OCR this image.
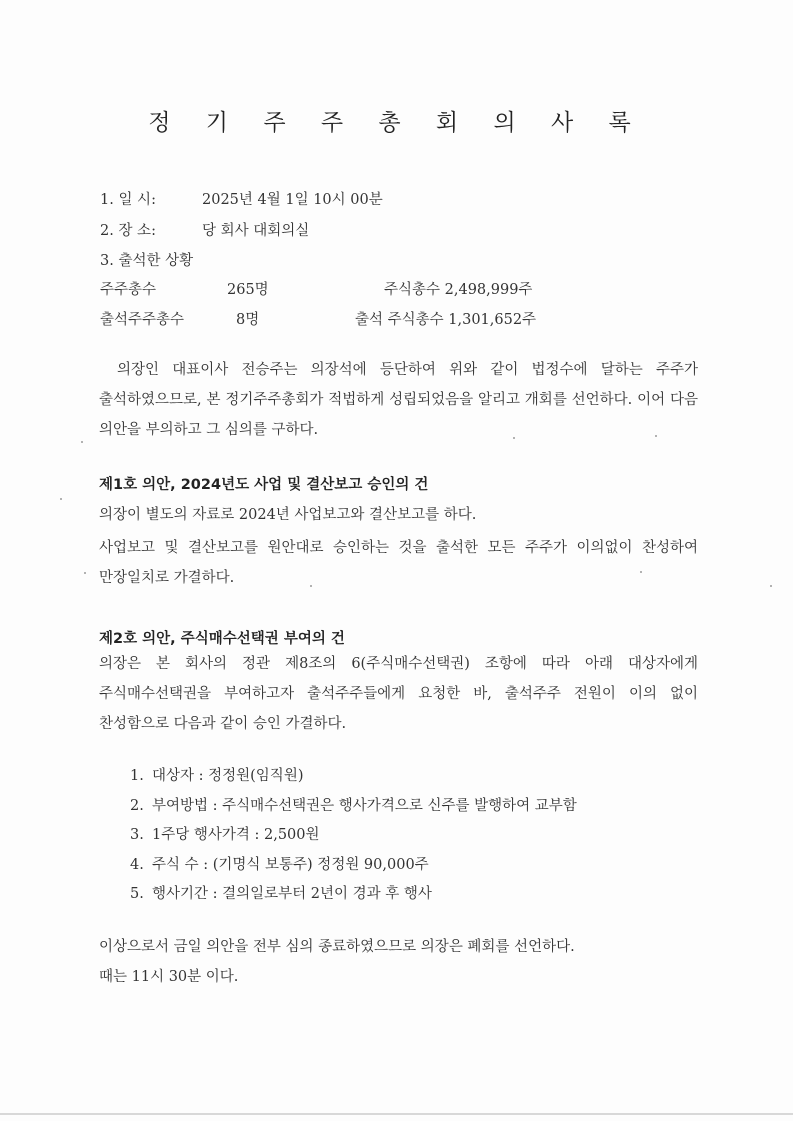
정 기 주 주 총 회 의 사 록
1. 일 시:	2025년 4월 1일 10시 00분
2. 장 소:	당 회사 대회의실
3. 출석한 상황
주주총수	265명	주식총수 2,498,999주
출석주주총수	8명	출석 주식총수 1,301,652주
의장인 대표이사 전승주는 의장석에 등단하여 위와 같이 법정수에 달하는 주주가 출석하였으므로, 본 정기주주총회가 적법하게 성립되었음을 알리고 개회를 선언하다. 이어 다음 의안을 부의하고 그 심의를 구하다.
제1호 의안, 2024년도 사업 및 결산보고 승인의 건
의장이 별도의 자료로 2024년 사업보고와 결산보고를 하다.
사업보고 및 결산보고를 원안대로 승인하는 것을 출석한 모든 주주가 이의없이 찬성하여 만장일치로 가결하다.
제2호 의안, 주식매수선택권 부여의 건
의장은 본 회사의 정관 제8조의 6(주식매수선택권) 조항에 따라 아래 대상자에게 주식매수선택권을 부여하고자 출석주주들에게 요청한 바, 출석주주 전원이 이의 없이 찬성함으로 다음과 같이 승인 가결하다.
1. 대상자 : 정정원(임직원)
2. 부여방법 : 주식매수선택권은 행사가격으로 신주를 발행하여 교부함
3. 1주당 행사가격 : 2,500원
4. 주식 수 : (기명식 보통주) 정정원 90,000주
5. 행사기간 : 결의일로부터 2년이 경과 후 행사
이상으로서 금일 의안을 전부 심의 종료하였으므로 의장은 폐회를 선언하다.
때는 11시 30분 이다.
